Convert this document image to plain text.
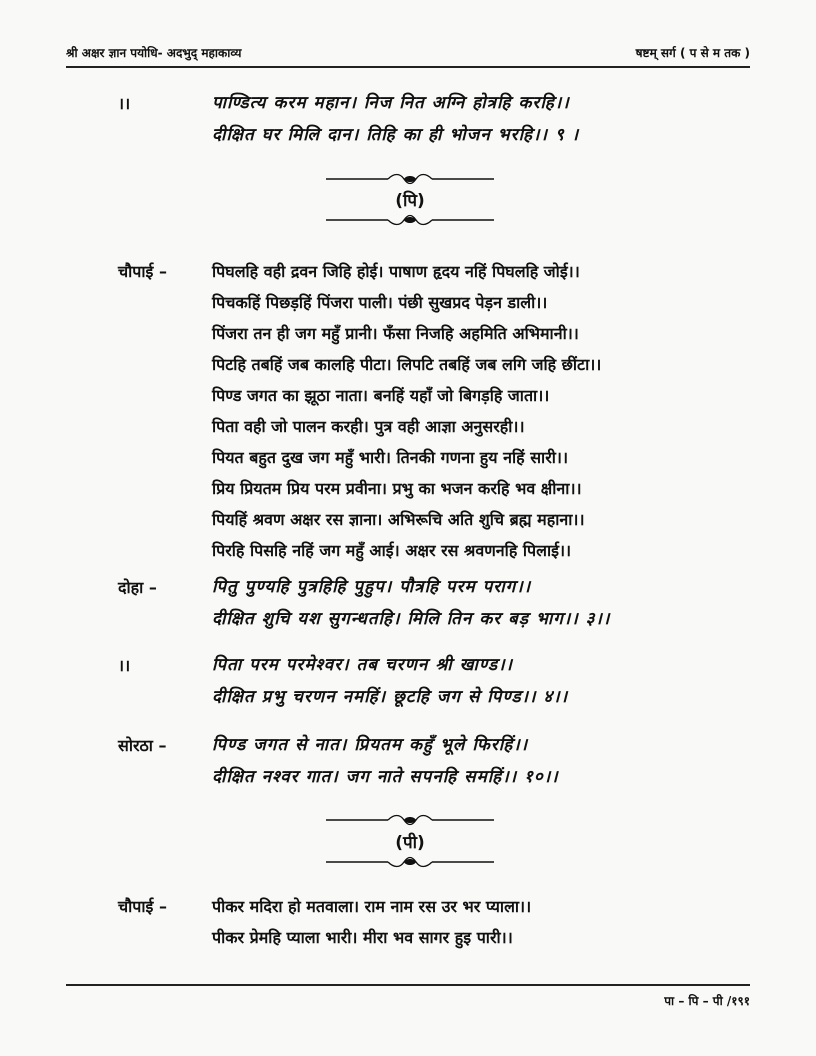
श्री अक्षर ज्ञान पयोधि- अदभुद् महाकाव्य	षष्टम् सर्ग ( प से म तक )
।।	पाण्डित्य करम महान। निज नित अग्नि होत्रहि करहि।।
दीक्षित घर मिलि दान। तिहि का ही भोजन भरहि।। ९ ।
(पि)
चौपाई –	पिघलहि वही द्रवन जिहि होई। पाषाण हृदय नहिं पिघलहि जोई।।
पिचकहिं पिछड़हिं पिंजरा पाली। पंछी सुखप्रद पेड़न डाली।।
पिंजरा तन ही जग महुँ प्रानी। फँसा निजहि अहमिति अभिमानी।।
पिटहि तबहिं जब कालहि पीटा। लिपटि तबहिं जब लगि जहि छींटा।।
पिण्ड जगत का झूठा नाता। बनहिं यहाँ जो बिगड़हि जाता।।
पिता वही जो पालन करही। पुत्र वही आज्ञा अनुसरही।।
पियत बहुत दुख जग महुँ भारी। तिनकी गणना हुय नहिं सारी।।
प्रिय प्रियतम प्रिय परम प्रवीना। प्रभु का भजन करहि भव क्षीना।।
पियहिं श्रवण अक्षर रस ज्ञाना। अभिरूचि अति शुचि ब्रह्म महाना।।
पिरहि पिसहि नहिं जग महुँ आई। अक्षर रस श्रवणनहि पिलाई।।
दोहा –	पितु पुण्यहि पुत्रहिहि पुहुप। पौत्रहि परम पराग।।
दीक्षित शुचि यश सुगन्धतहि। मिलि तिन कर बड़ भाग।। ३।।
।।	पिता परम परमेश्वर। तब चरणन श्री खाण्ड।।
दीक्षित प्रभु चरणन नमहिं। छूटहि जग से पिण्ड।। ४।।
सोरठा –	पिण्ड जगत से नात। प्रियतम कहुँ भूले फिरहिं।।
दीक्षित नश्वर गात। जग नाते सपनहि समहिं।। १०।।
(पी)
चौपाई –	पीकर मदिरा हो मतवाला। राम नाम रस उर भर प्याला।।
पीकर प्रेमहि प्याला भारी। मीरा भव सागर हुइ पारी।।
पा – पि – पी /१९१
